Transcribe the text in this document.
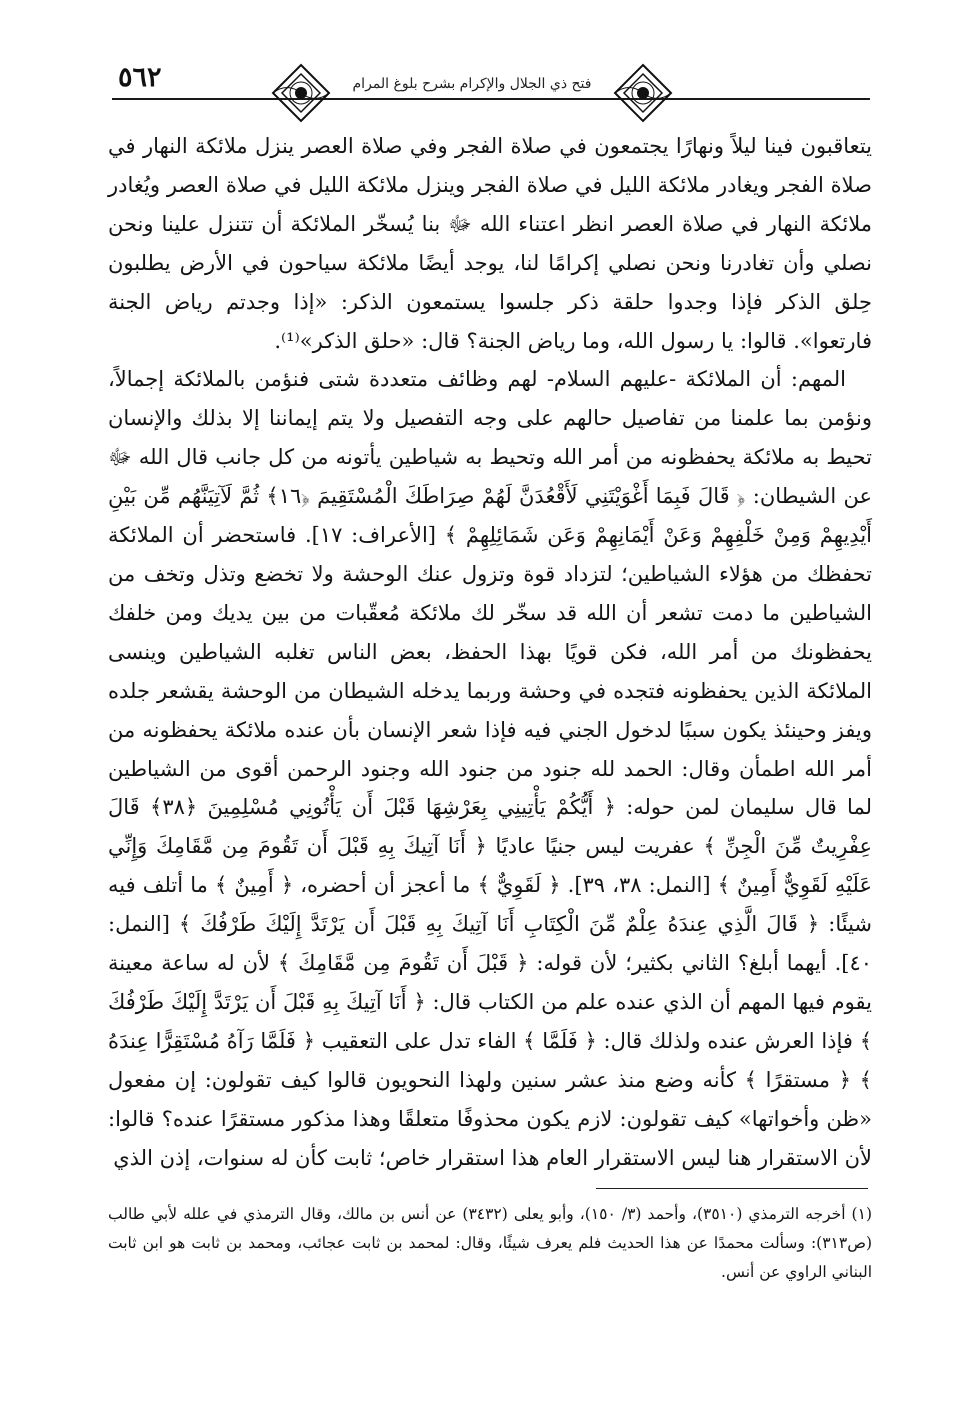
٥٦٢	فتح ذي الجلال والإكرام بشرح بلوغ المرام

يتعاقبون فينا ليلاً ونهارًا يجتمعون في صلاة الفجر وفي صلاة العصر ينزل ملائكة النهار في صلاة الفجر ويغادر ملائكة الليل في صلاة الفجر وينزل ملائكة الليل في صلاة العصر ويُغادر ملائكة النهار في صلاة العصر انظر اعتناء الله ﷻ بنا يُسخّر الملائكة أن تتنزل علينا ونحن نصلي وأن تغادرنا ونحن نصلي إكرامًا لنا، يوجد أيضًا ملائكة سياحون في الأرض يطلبون حِلق الذكر فإذا وجدوا حلقة ذكر جلسوا يستمعون الذكر: «إذا وجدتم رياض الجنة فارتعوا». قالوا: يا رسول الله، وما رياض الجنة؟ قال: «حلق الذكر»⁽¹⁾.

المهم: أن الملائكة -عليهم السلام- لهم وظائف متعددة شتى فنؤمن بالملائكة إجمالاً، ونؤمن بما علمنا من تفاصيل حالهم على وجه التفصيل ولا يتم إيماننا إلا بذلك والإنسان تحيط به ملائكة يحفظونه من أمر الله وتحيط به شياطين يأتونه من كل جانب قال الله ﷻ عن الشيطان: ﴿ قَالَ فَبِمَا أَغْوَيْتَنِي لَأَقْعُدَنَّ لَهُمْ صِرَاطَكَ الْمُسْتَقِيمَ ﴿١٦﴾ ثُمَّ لَآتِيَنَّهُم مِّن بَيْنِ أَيْدِيهِمْ وَمِنْ خَلْفِهِمْ وَعَنْ أَيْمَانِهِمْ وَعَن شَمَائِلِهِمْ ﴾ [الأعراف: ١٧]. فاستحضر أن الملائكة تحفظك من هؤلاء الشياطين؛ لتزداد قوة وتزول عنك الوحشة ولا تخضع وتذل وتخف من الشياطين ما دمت تشعر أن الله قد سخّر لك ملائكة مُعقّبات من بين يديك ومن خلفك يحفظونك من أمر الله، فكن قويًا بهذا الحفظ، بعض الناس تغلبه الشياطين وينسى الملائكة الذين يحفظونه فتجده في وحشة وربما يدخله الشيطان من الوحشة يقشعر جلده ويفز وحينئذ يكون سببًا لدخول الجني فيه فإذا شعر الإنسان بأن عنده ملائكة يحفظونه من أمر الله اطمأن وقال: الحمد لله جنود من جنود الله وجنود الرحمن أقوى من الشياطين لما قال سليمان لمن حوله: ﴿ أَيُّكُمْ يَأْتِينِي بِعَرْشِهَا قَبْلَ أَن يَأْتُونِي مُسْلِمِينَ ﴿٣٨﴾ قَالَ عِفْرِيتٌ مِّنَ الْجِنِّ ﴾ عفريت ليس جنيًا عاديًا ﴿ أَنَا آتِيكَ بِهِ قَبْلَ أَن تَقُومَ مِن مَّقَامِكَ وَإِنِّي عَلَيْهِ لَقَوِيٌّ أَمِينٌ ﴾ [النمل: ٣٨، ٣٩]. ﴿ لَقَوِيٌّ ﴾ ما أعجز أن أحضره، ﴿ أَمِينٌ ﴾ ما أتلف فيه شيئًا: ﴿ قَالَ الَّذِي عِندَهُ عِلْمٌ مِّنَ الْكِتَابِ أَنَا آتِيكَ بِهِ قَبْلَ أَن يَرْتَدَّ إِلَيْكَ طَرْفُكَ ﴾ [النمل: ٤٠]. أيهما أبلغ؟ الثاني بكثير؛ لأن قوله: ﴿ قَبْلَ أَن تَقُومَ مِن مَّقَامِكَ ﴾ لأن له ساعة معينة يقوم فيها المهم أن الذي عنده علم من الكتاب قال: ﴿ أَنَا آتِيكَ بِهِ قَبْلَ أَن يَرْتَدَّ إِلَيْكَ طَرْفُكَ ﴾ فإذا العرش عنده ولذلك قال: ﴿ فَلَمَّا ﴾ الفاء تدل على التعقيب ﴿ فَلَمَّا رَآهُ مُسْتَقِرًّا عِندَهُ ﴾ ﴿ مستقرًا ﴾ كأنه وضع منذ عشر سنين ولهذا النحويون قالوا كيف تقولون: إن مفعول «ظن وأخواتها» كيف تقولون: لازم يكون محذوفًا متعلقًا وهذا مذكور مستقرًا عنده؟ قالوا: لأن الاستقرار هنا ليس الاستقرار العام هذا استقرار خاص؛ ثابت كأن له سنوات، إذن الذي

(١) أخرجه الترمذي (٣٥١٠)، وأحمد (٣/ ١٥٠)، وأبو يعلى (٣٤٣٢) عن أنس بن مالك، وقال الترمذي في علله لأبي طالب (ص٣١٣): وسألت محمدًا عن هذا الحديث فلم يعرف شيئًا، وقال: لمحمد بن ثابت عجائب، ومحمد بن ثابت هو ابن ثابت البناني الراوي عن أنس.
